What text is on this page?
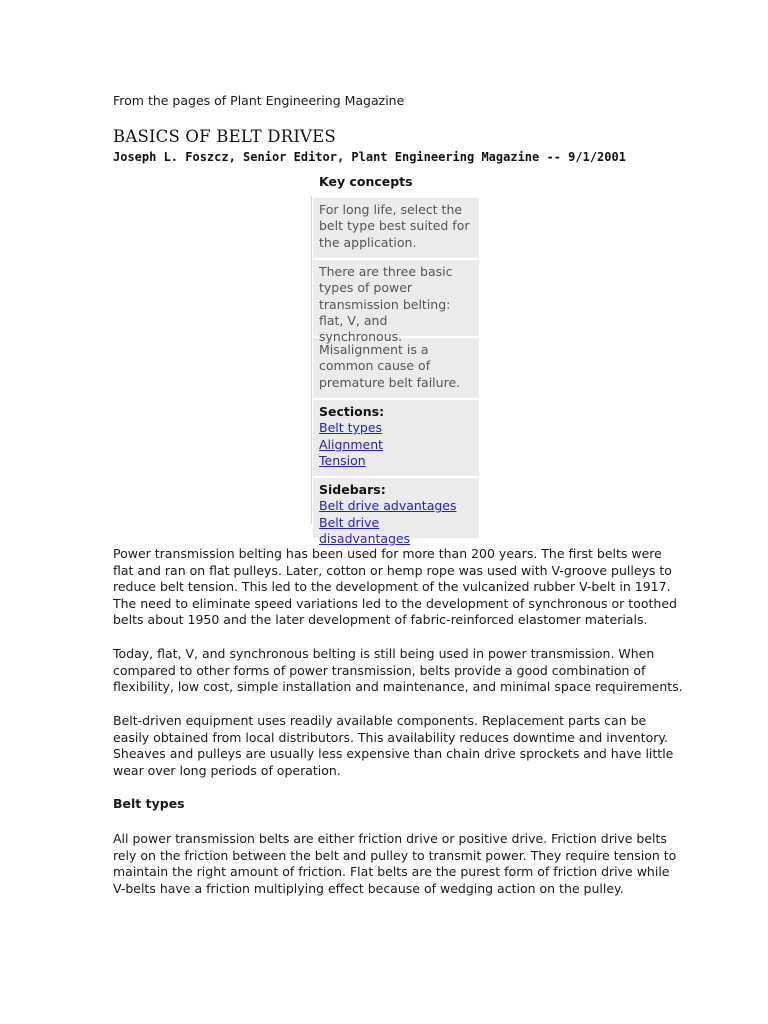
From the pages of Plant Engineering Magazine
BASICS OF BELT DRIVES
Joseph L. Foszcz, Senior Editor, Plant Engineering Magazine -- 9/1/2001
Key concepts
For long life, select the belt type best suited for the application.
There are three basic types of power transmission belting: flat, V, and synchronous.
Misalignment is a common cause of premature belt failure.
Sections:
Belt types
Alignment
Tension
Sidebars:
Belt drive advantages
Belt drive disadvantages

Power transmission belting has been used for more than 200 years. The first belts were flat and ran on flat pulleys. Later, cotton or hemp rope was used with V-groove pulleys to reduce belt tension. This led to the development of the vulcanized rubber V-belt in 1917. The need to eliminate speed variations led to the development of synchronous or toothed belts about 1950 and the later development of fabric-reinforced elastomer materials.

Today, flat, V, and synchronous belting is still being used in power transmission. When compared to other forms of power transmission, belts provide a good combination of flexibility, low cost, simple installation and maintenance, and minimal space requirements.

Belt-driven equipment uses readily available components. Replacement parts can be easily obtained from local distributors. This availability reduces downtime and inventory. Sheaves and pulleys are usually less expensive than chain drive sprockets and have little wear over long periods of operation.

Belt types

All power transmission belts are either friction drive or positive drive. Friction drive belts rely on the friction between the belt and pulley to transmit power. They require tension to maintain the right amount of friction. Flat belts are the purest form of friction drive while V-belts have a friction multiplying effect because of wedging action on the pulley.
